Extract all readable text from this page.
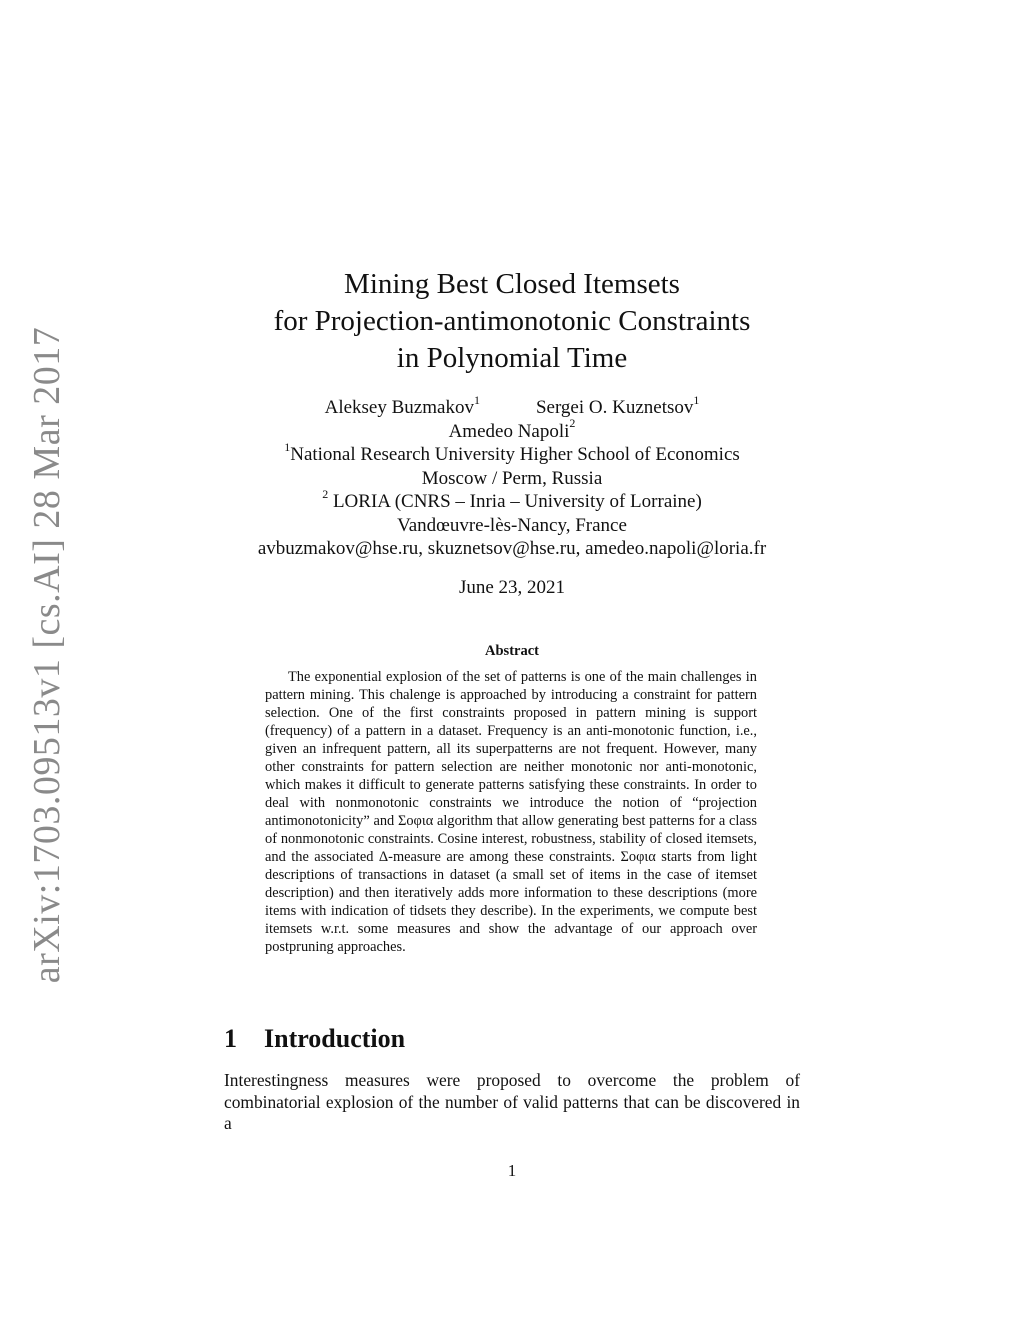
arXiv:1703.09513v1 [cs.AI] 28 Mar 2017
Mining Best Closed Itemsets
for Projection-antimonotonic Constraints
in Polynomial Time
Aleksey Buzmakov$^1$	Sergei O. Kuznetsov$^1$
Amedeo Napoli$^2$
$^1$National Research University Higher School of Economics
Moscow / Perm, Russia
$^2$ LORIA (CNRS – Inria – University of Lorraine)
Vandœuvre-lès-Nancy, France
avbuzmakov@hse.ru, skuznetsov@hse.ru, amedeo.napoli@loria.fr
June 23, 2021
Abstract
The exponential explosion of the set of patterns is one of the main challenges in pattern mining. This chalenge is approached by introducing a constraint for pattern selection. One of the first constraints proposed in pattern mining is support (frequency) of a pattern in a dataset. Frequency is an anti-monotonic function, i.e., given an infrequent pattern, all its superpatterns are not frequent. However, many other constraints for pattern selection are neither monotonic nor anti-monotonic, which makes it difficult to generate patterns satisfying these constraints. In order to deal with nonmonotonic constraints we introduce the notion of “projection antimonotonicity” and Σοφια algorithm that allow generating best patterns for a class of nonmonotonic constraints. Cosine interest, robustness, stability of closed itemsets, and the associated Δ-measure are among these constraints. Σοφια starts from light descriptions of transactions in dataset (a small set of items in the case of itemset description) and then iteratively adds more information to these descriptions (more items with indication of tidsets they describe). In the experiments, we compute best itemsets w.r.t. some measures and show the advantage of our approach over postpruning approaches.
1 Introduction
Interestingness measures were proposed to overcome the problem of combinatorial explosion of the number of valid patterns that can be discovered in a
1
